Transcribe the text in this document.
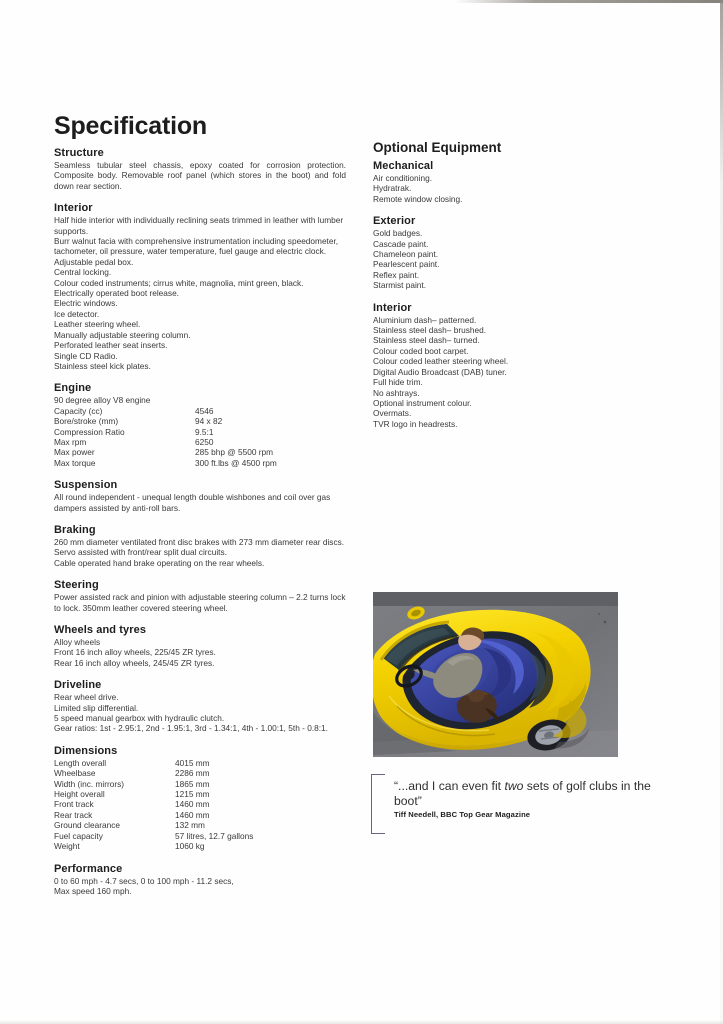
Specification
Structure

Seamless tubular steel chassis, epoxy coated for corrosion protection. Composite body. Removable roof panel (which stores in the boot) and fold down rear section.

Interior

Half hide interior with individually reclining seats trimmed in leather with lumber supports.
Burr walnut facia with comprehensive instrumentation including speedometer, tachometer, oil pressure, water temperature, fuel gauge and electric clock.
Adjustable pedal box.
Central locking.
Colour coded instruments; cirrus white, magnolia, mint green, black.
Electrically operated boot release.
Electric windows.
Ice detector.
Leather steering wheel.
Manually adjustable steering column.
Perforated leather seat inserts.
Single CD Radio.
Stainless steel kick plates.

Engine

90 degree alloy V8 engine

Capacity (cc)	4546
Bore/stroke (mm)	94 x 82
Compression Ratio	9.5:1
Max rpm	6250
Max power	285 bhp @ 5500 rpm
Max torque	300 ft.lbs @ 4500 rpm
Suspension

All round independent - unequal length double wishbones and coil over gas dampers assisted by anti-roll bars.

Braking

260 mm diameter ventilated front disc brakes with 273 mm diameter rear discs. Servo assisted with front/rear split dual circuits.
Cable operated hand brake operating on the rear wheels.

Steering

Power assisted rack and pinion with adjustable steering column – 2.2 turns lock to lock. 350mm leather covered steering wheel.

Wheels and tyres

Alloy wheels
Front 16 inch alloy wheels, 225/45 ZR tyres.
Rear 16 inch alloy wheels, 245/45 ZR tyres.

Driveline

Rear wheel drive.
Limited slip differential.
5 speed manual gearbox with hydraulic clutch.
Gear ratios: 1st - 2.95:1, 2nd - 1.95:1, 3rd - 1.34:1, 4th - 1.00:1, 5th - 0.8:1.

Dimensions
Length overall	4015 mm
Wheelbase	2286 mm
Width (inc. mirrors)	1865 mm
Height overall	1215 mm
Front track	1460 mm
Rear track	1460 mm
Ground clearance	132 mm
Fuel capacity	57 litres, 12.7 gallons
Weight	1060 kg
Performance

0 to 60 mph - 4.7 secs, 0 to 100 mph - 11.2 secs,
Max speed 160 mph.

Optional Equipment
Mechanical

Air conditioning.
Hydratrak.
Remote window closing.

Exterior

Gold badges.
Cascade paint.
Chameleon paint.
Pearlescent paint.
Reflex paint.
Starmist paint.

Interior

Aluminium dash– patterned.
Stainless steel dash– brushed.
Stainless steel dash– turned.
Colour coded boot carpet.
Colour coded leather steering wheel.
Digital Audio Broadcast (DAB) tuner.
Full hide trim.
No ashtrays.
Optional instrument colour.
Overmats.
TVR logo in headrests.

“...and I can even fit two sets of golf clubs in the boot”

Tiff Needell, BBC Top Gear Magazine
